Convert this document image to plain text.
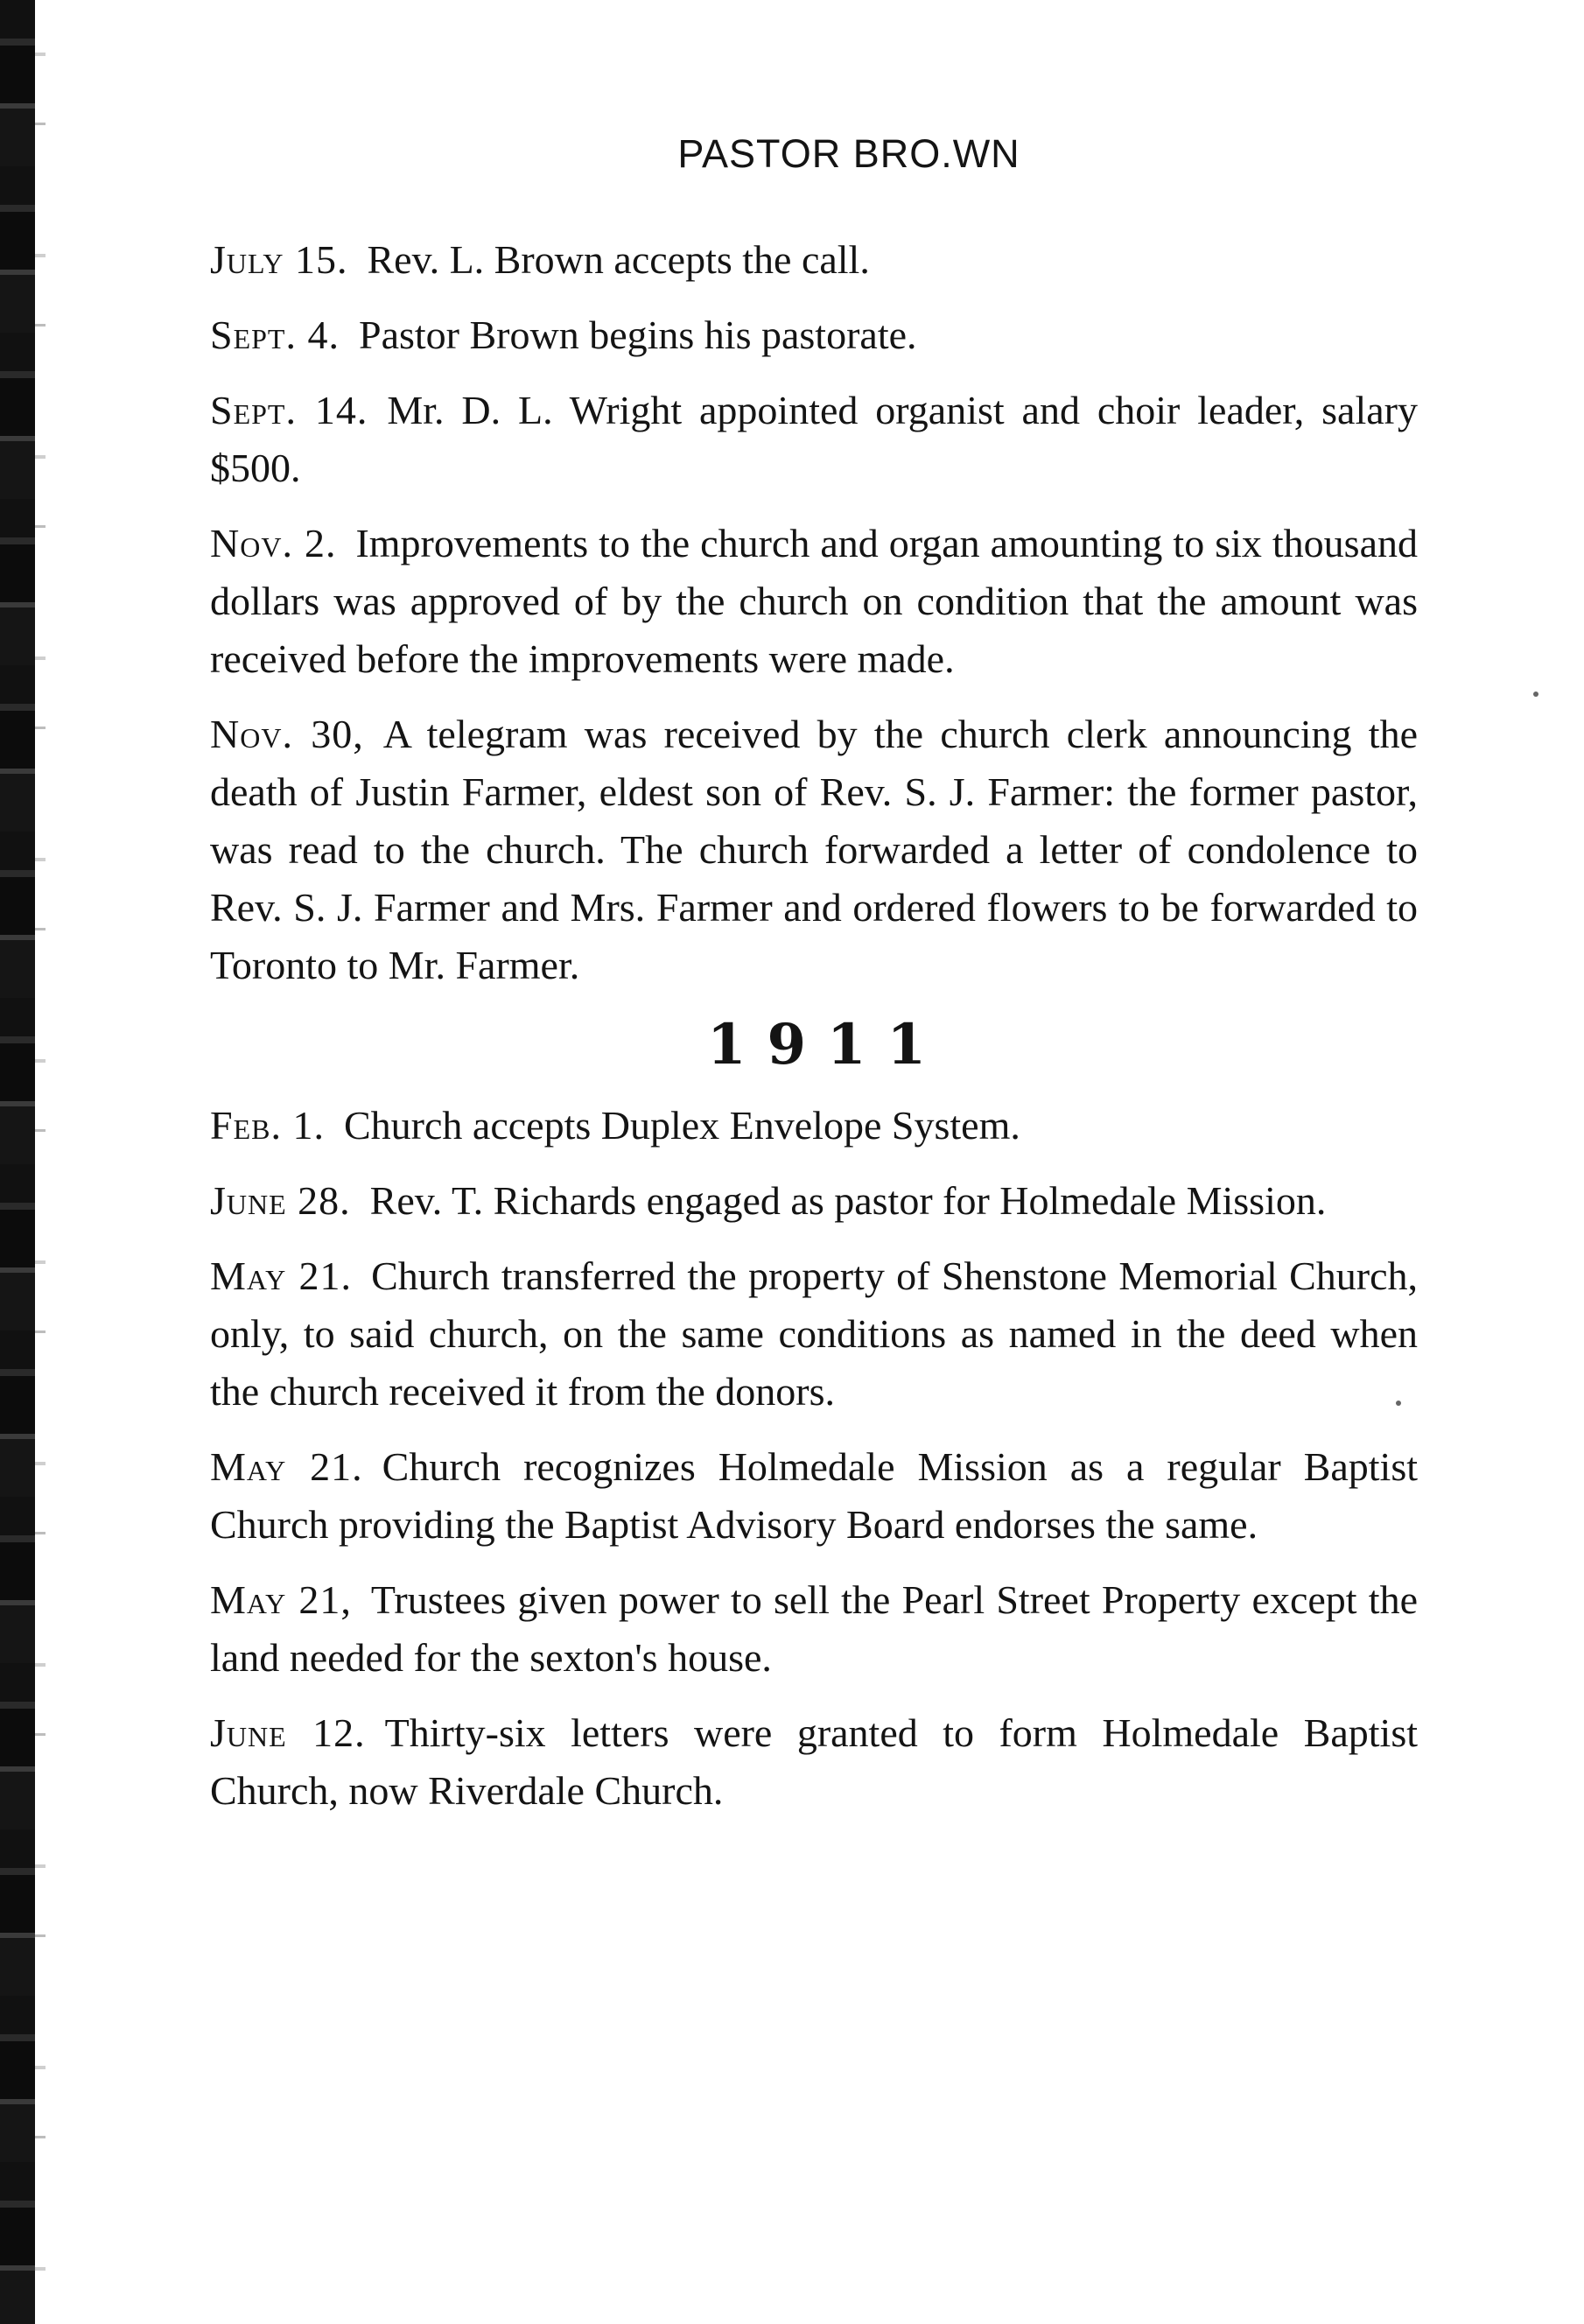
PASTOR BRO.WN

July 15. Rev. L. Brown accepts the call.

Sept. 4. Pastor Brown begins his pastorate.

Sept. 14. Mr. D. L. Wright appointed organist and choir leader, salary $500.

Nov. 2. Improvements to the church and organ amounting to six thousand dollars was approved of by the church on condition that the amount was received before the improvements were made.

Nov. 30, A telegram was received by the church clerk announcing the death of Justin Farmer, eldest son of Rev. S. J. Farmer: the former pastor, was read to the church. The church forwarded a letter of condolence to Rev. S. J. Farmer and Mrs. Farmer and ordered flowers to be forwarded to Toronto to Mr. Farmer.

1911

Feb. 1. Church accepts Duplex Envelope System.

June 28. Rev. T. Richards engaged as pastor for Holmedale Mission.

May 21. Church transferred the property of Shenstone Memorial Church, only, to said church, on the same conditions as named in the deed when the church received it from the donors.

May 21. Church recognizes Holmedale Mission as a regular Baptist Church providing the Baptist Advisory Board endorses the same.

May 21, Trustees given power to sell the Pearl Street Property except the land needed for the sexton's house.

June 12. Thirty-six letters were granted to form Holmedale Baptist Church, now Riverdale Church.
